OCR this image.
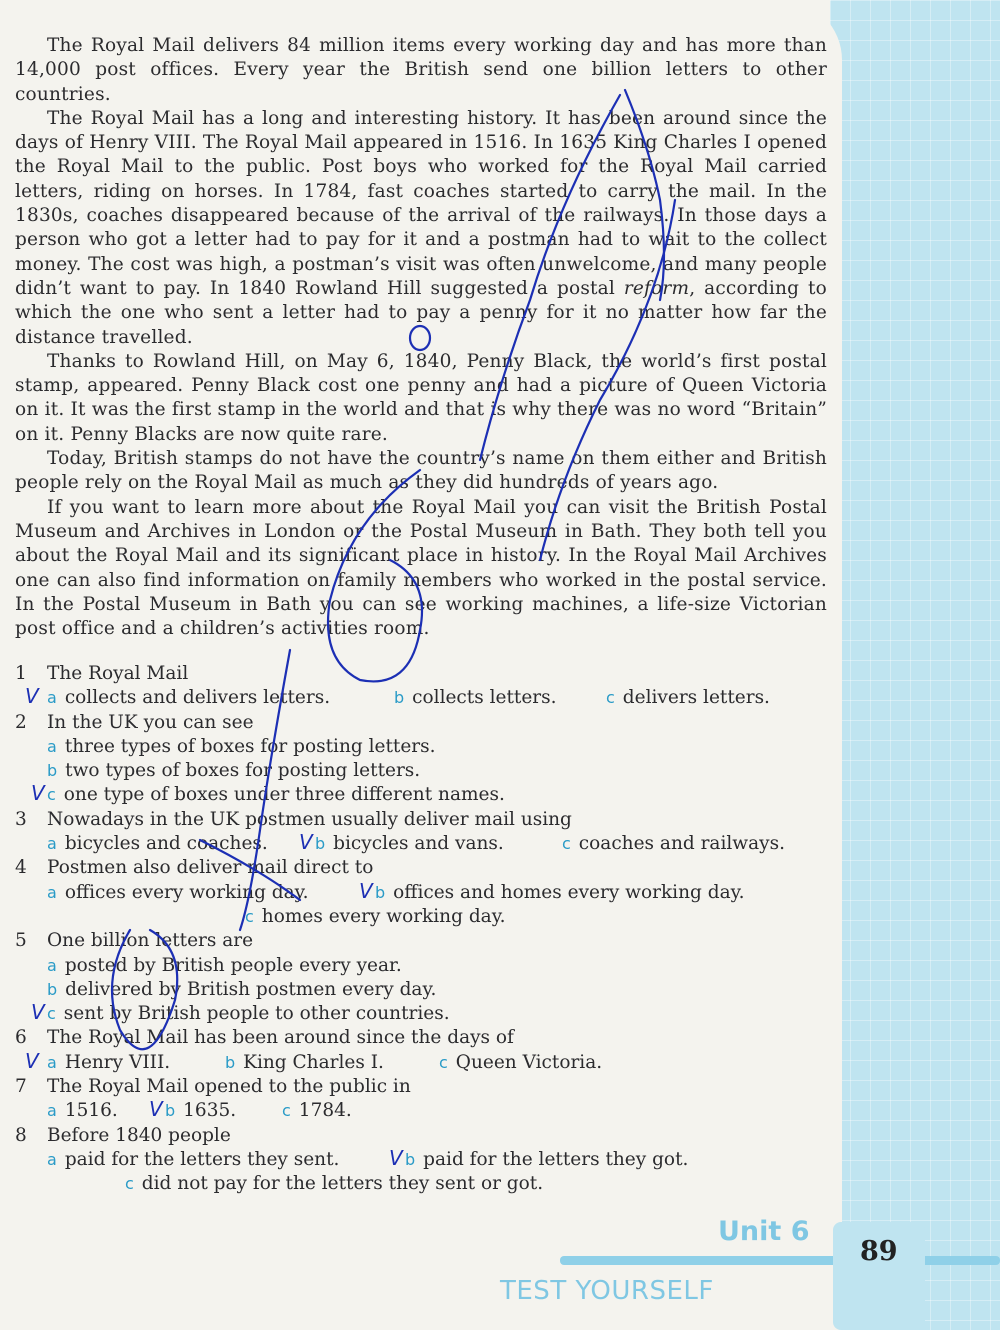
The Royal Mail delivers 84 million items every working day and has more than 14,000 post offices. Every year the British send one billion letters to other countries.

The Royal Mail has a long and interesting history. It has been around since the days of Henry VIII. The Royal Mail appeared in 1516. In 1635 King Charles I opened the Royal Mail to the public. Post boys who worked for the Royal Mail carried letters, riding on horses. In 1784, fast coaches started to carry the mail. In the 1830s, coaches disappeared because of the arrival of the railways. In those days a person who got a letter had to pay for it and a postman had to wait to the collect money. The cost was high, a postman’s visit was often unwelcome, and many people didn’t want to pay. In 1840 Rowland Hill suggested a postal reform, according to which the one who sent a letter had to pay a penny for it no matter how far the distance travelled.

Thanks to Rowland Hill, on May 6, 1840, Penny Black, the world’s first postal stamp, appeared. Penny Black cost one penny and had a picture of Queen Victoria on it. It was the first stamp in the world and that is why there was no word “Britain” on it. Penny Blacks are now quite rare.

Today, British stamps do not have the country’s name on them either and British people rely on the Royal Mail as much as they did hundreds of years ago.

If you want to learn more about the Royal Mail you can visit the British Postal Museum and Archives in London or the Postal Museum in Bath. They both tell you about the Royal Mail and its significant place in history. In the Royal Mail Archives one can also find information on family members who worked in the postal service. In the Postal Museum in Bath you can see working machines, a life-size Victorian post office and a children’s activities room.

1	The Royal Mail
V a collects and delivers letters.	b collects letters.	c delivers letters.
2	In the UK you can see
a three types of boxes for posting letters.
b two types of boxes for posting letters.
V c one type of boxes under three different names.
3	Nowadays in the UK postmen usually deliver mail using
a bicycles and coaches.	V b bicycles and vans.	c coaches and railways.
4	Postmen also deliver mail direct to
a offices every working day.	V b offices and homes every working day.
c homes every working day.
5	One billion letters are
a posted by British people every year.
b delivered by British postmen every day.
V c sent by British people to other countries.
6	The Royal Mail has been around since the days of
V a Henry VIII.	b King Charles I.	c Queen Victoria.
7	The Royal Mail opened to the public in
a 1516.	V b 1635.	c 1784.
8	Before 1840 people
a paid for the letters they sent.	V b paid for the letters they got.
c did not pay for the letters they sent or got.
Unit 6
TEST YOURSELF
89
